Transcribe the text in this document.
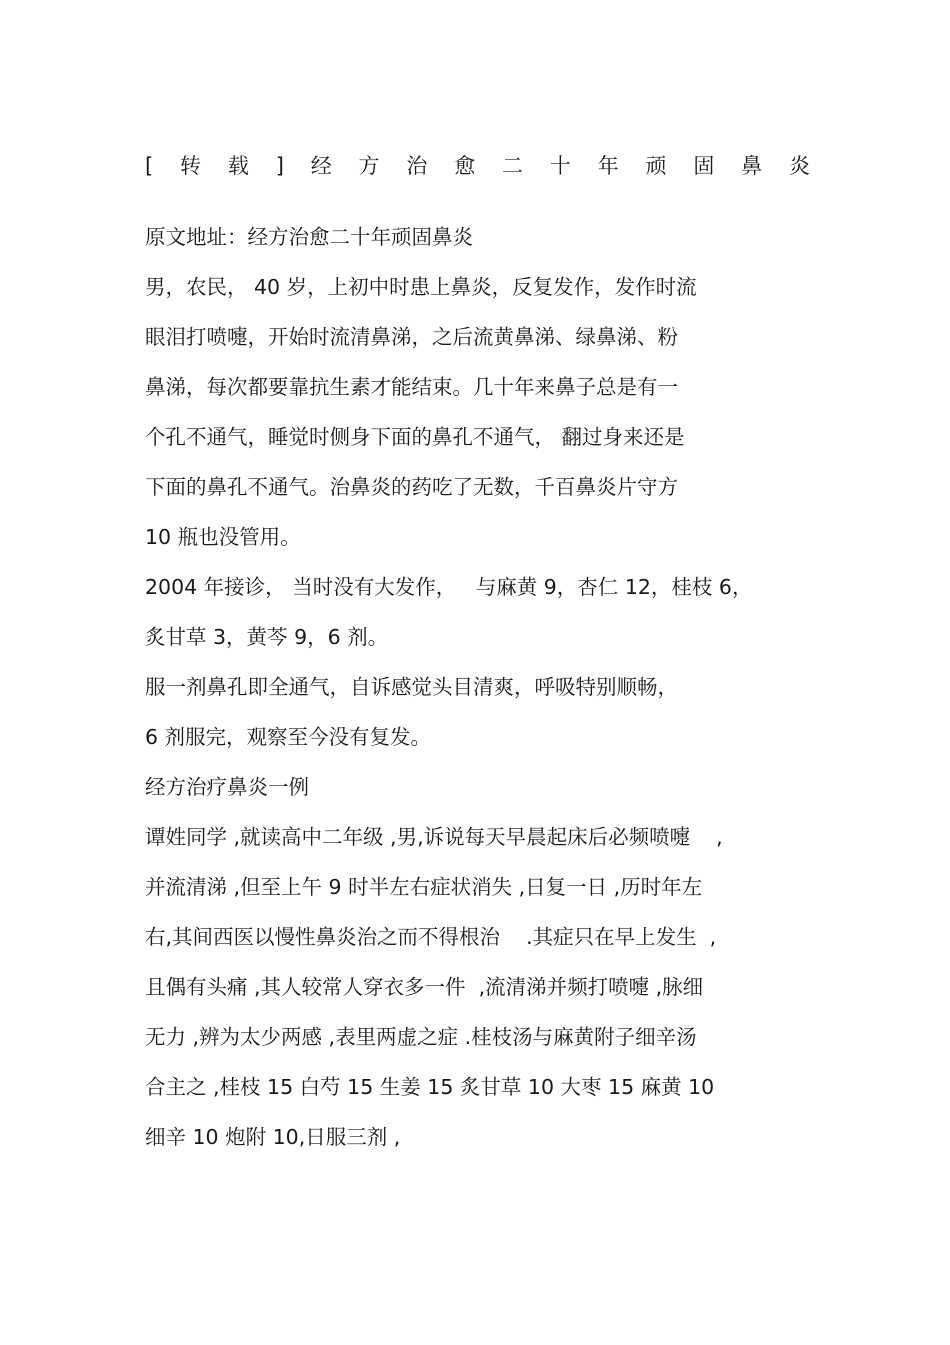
[ 转 载 ] 经 方 治 愈 二 十 年 顽 固 鼻 炎
原文地址：经方治愈二十年顽固鼻炎
男，农民， 40 岁，上初中时患上鼻炎，反复发作，发作时流
眼泪打喷嚏，开始时流清鼻涕，之后流黄鼻涕、绿鼻涕、粉
鼻涕，每次都要靠抗生素才能结束。几十年来鼻子总是有一
个孔不通气，睡觉时侧身下面的鼻孔不通气， 翻过身来还是
下面的鼻孔不通气。治鼻炎的药吃了无数，千百鼻炎片守方
10 瓶也没管用。
2004 年接诊， 当时没有大发作，   与麻黄 9，杏仁 12，桂枝 6，
炙甘草 3，黄芩 9，6 剂。
服一剂鼻孔即全通气，自诉感觉头目清爽，呼吸特别顺畅，
6 剂服完，观察至今没有复发。
经方治疗鼻炎一例
谭姓同学 ,就读高中二年级 ,男,诉说每天早晨起床后必频喷嚏    ,
并流清涕 ,但至上午 9 时半左右症状消失 ,日复一日 ,历时年左
右,其间西医以慢性鼻炎治之而不得根治    .其症只在早上发生  ,
且偶有头痛 ,其人较常人穿衣多一件  ,流清涕并频打喷嚏 ,脉细
无力 ,辨为太少两感 ,表里两虚之症 .桂枝汤与麻黄附子细辛汤
合主之 ,桂枝 15 白芍 15 生姜 15 炙甘草 10 大枣 15 麻黄 10
细辛 10 炮附 10,日服三剂 ,
